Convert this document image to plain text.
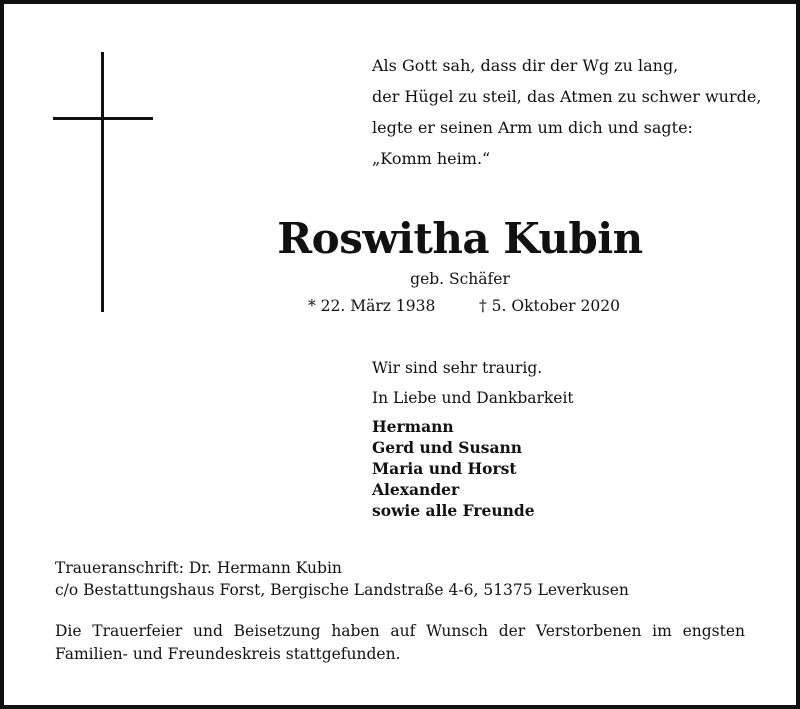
Als Gott sah, dass dir der Wg zu lang,
der Hügel zu steil, das Atmen zu schwer wurde,
legte er seinen Arm um dich und sagte:
„Komm heim.“
Roswitha Kubin
geb. Schäfer
* 22. März 1938	† 5. Oktober 2020
Wir sind sehr traurig.
In Liebe und Dankbarkeit
Hermann
Gerd und Susann
Maria und Horst
Alexander
sowie alle Freunde
Traueranschrift: Dr. Hermann Kubin
c/o Bestattungshaus Forst, Bergische Landstraße 4-6, 51375 Leverkusen
Die Trauerfeier und Beisetzung haben auf Wunsch der Verstorbenen im engsten Familien- und Freundeskreis stattgefunden.
